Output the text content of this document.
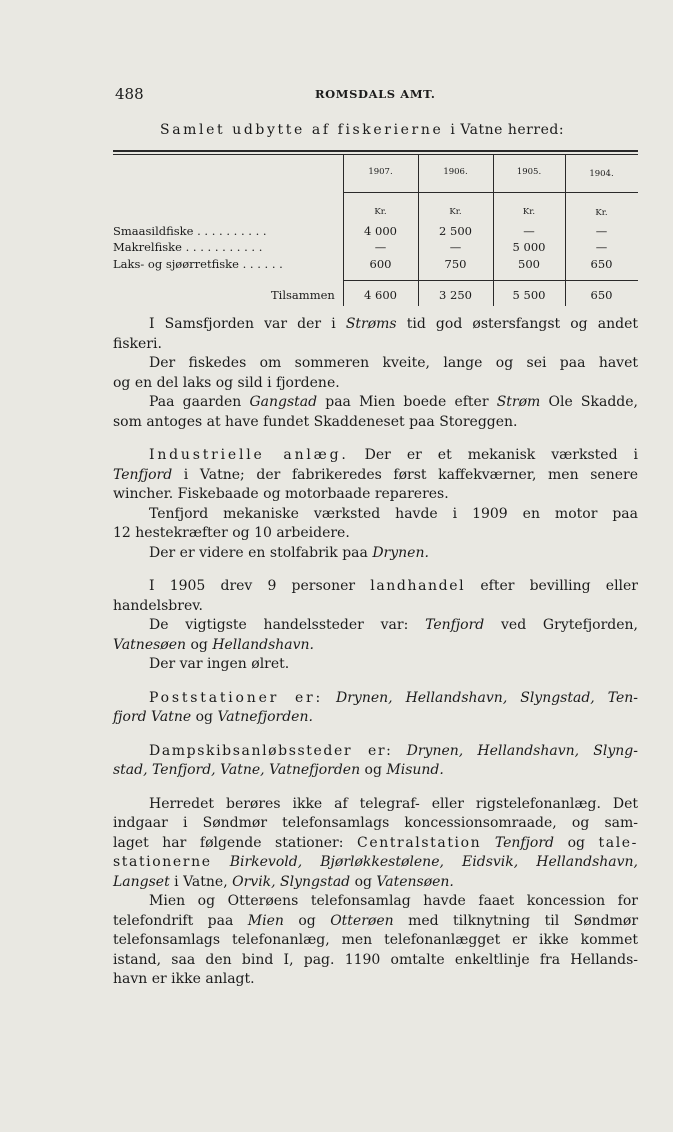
488	ROMSDALS AMT.
Samlet udbytte af fiskerierne i Vatne herred:
1907.	1906.	1905.	1904.
Kr.	Kr.	Kr.	Kr.
Smaasildfiske . . . . . . . . . .	4 000	2 500	—	—
Makrelfiske . . . . . . . . . . .	—	—	5 000	—
Laks- og sjøørretfiske . . . . . .	600	750	500	650
Tilsammen	4 600	3 250	5 500	650

I Samsfjorden var der i Strøms tid god østersfangst og andet

fiskeri.

Der fiskedes om sommeren kveite, lange og sei paa havet

og en del laks og sild i fjordene.

Paa gaarden Gangstad paa Mien boede efter Strøm Ole Skadde,

som antoges at have fundet Skaddeneset paa Storeggen.

Industrielle anlæg. Der er et mekanisk værksted i

Tenfjord i Vatne; der fabrikeredes først kaffekværner, men senere

wincher. Fiskebaade og motorbaade repareres.

Tenfjord mekaniske værksted havde i 1909 en motor paa

12 hestekræfter og 10 arbeidere.

Der er videre en stolfabrik paa Drynen.

I 1905 drev 9 personer landhandel efter bevilling eller

handelsbrev.

De vigtigste handelssteder var: Tenfjord ved Grytefjorden,

Vatnesøen og Hellandshavn.

Der var ingen ølret.

Poststationer er: Drynen, Hellandshavn, Slyngstad, Ten-

fjord Vatne og Vatnefjorden.

Dampskibsanløbssteder er: Drynen, Hellandshavn, Slyng-

stad, Tenfjord, Vatne, Vatnefjorden og Misund.

Herredet berøres ikke af telegraf- eller rigstelefonanlæg. Det

indgaar i Søndmør telefonsamlags koncessionsomraade, og sam-

laget har følgende stationer: Centralstation Tenfjord og tale-

stationerne Birkevold, Bjørløkkestølene, Eidsvik, Hellandshavn,

Langset i Vatne, Orvik, Slyngstad og Vatensøen.

Mien og Otterøens telefonsamlag havde faaet koncession for

telefondrift paa Mien og Otterøen med tilknytning til Søndmør

telefonsamlags telefonanlæg, men telefonanlægget er ikke kommet

istand, saa den bind I, pag. 1190 omtalte enkeltlinje fra Hellands-

havn er ikke anlagt.
